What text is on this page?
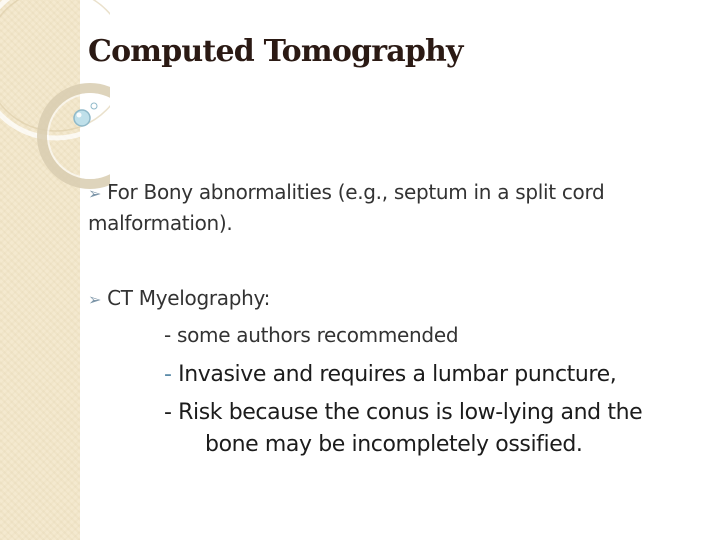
Computed Tomography
➢ For Bony abnormalities (e.g., septum in a split cord
malformation).
➢ CT Myelography:
- some authors recommended
- Invasive and requires a lumbar puncture,
- Risk because the conus is low-lying and the
bone may be incompletely ossified.
